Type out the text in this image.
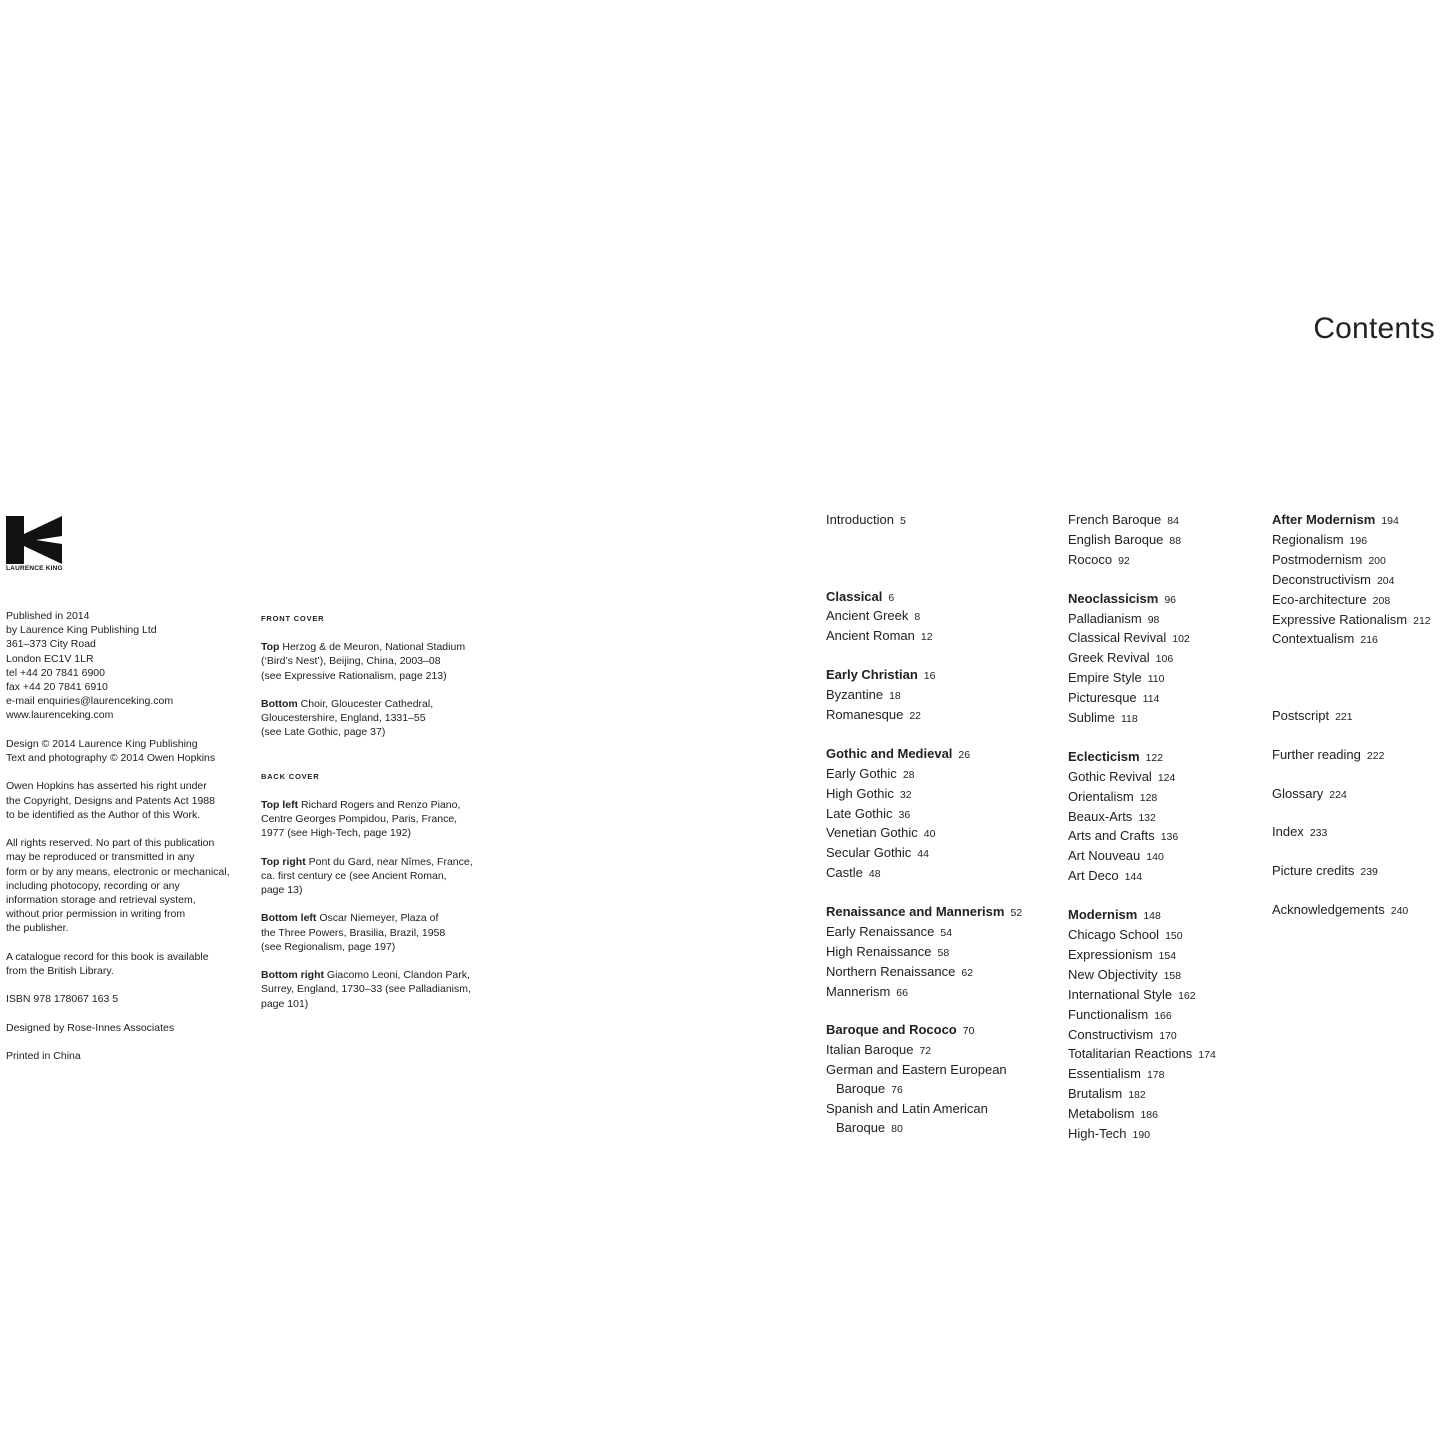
Contents
LAURENCE KING

Published in 2014
by Laurence King Publishing Ltd
361–373 City Road
London EC1V 1LR
tel +44 20 7841 6900
fax +44 20 7841 6910
e-mail enquiries@laurenceking.com
www.laurenceking.com

Design © 2014 Laurence King Publishing
Text and photography © 2014 Owen Hopkins

Owen Hopkins has asserted his right under
the Copyright, Designs and Patents Act 1988
to be identified as the Author of this Work.

All rights reserved. No part of this publication
may be reproduced or transmitted in any
form or by any means, electronic or mechanical,
including photocopy, recording or any
information storage and retrieval system,
without prior permission in writing from
the publisher.

A catalogue record for this book is available
from the British Library.

ISBN 978 178067 163 5

Designed by Rose-Innes Associates

Printed in China

FRONT COVER
Top Herzog & de Meuron, National Stadium
(‘Bird’s Nest’), Beijing, China, 2003–08
(see Expressive Rationalism, page 213)
Bottom Choir, Gloucester Cathedral,
Gloucestershire, England, 1331–55
(see Late Gothic, page 37)
BACK COVER
Top left Richard Rogers and Renzo Piano,
Centre Georges Pompidou, Paris, France,
1977 (see High-Tech, page 192)
Top right Pont du Gard, near Nîmes, France,
ca. first century ce (see Ancient Roman,
page 13)
Bottom left Oscar Niemeyer, Plaza of
the Three Powers, Brasilia, Brazil, 1958
(see Regionalism, page 197)
Bottom right Giacomo Leoni, Clandon Park,
Surrey, England, 1730–33 (see Palladianism,
page 101)
Introduction 5
Classical 6
Ancient Greek 8
Ancient Roman 12
Early Christian 16
Byzantine 18
Romanesque 22
Gothic and Medieval 26
Early Gothic 28
High Gothic 32
Late Gothic 36
Venetian Gothic 40
Secular Gothic 44
Castle 48
Renaissance and Mannerism 52
Early Renaissance 54
High Renaissance 58
Northern Renaissance 62
Mannerism 66
Baroque and Rococo 70
Italian Baroque 72
German and Eastern European
Baroque 76
Spanish and Latin American
Baroque 80
French Baroque 84
English Baroque 88
Rococo 92
Neoclassicism 96
Palladianism 98
Classical Revival 102
Greek Revival 106
Empire Style 110
Picturesque 114
Sublime 118
Eclecticism 122
Gothic Revival 124
Orientalism 128
Beaux-Arts 132
Arts and Crafts 136
Art Nouveau 140
Art Deco 144
Modernism 148
Chicago School 150
Expressionism 154
New Objectivity 158
International Style 162
Functionalism 166
Constructivism 170
Totalitarian Reactions 174
Essentialism 178
Brutalism 182
Metabolism 186
High-Tech 190
After Modernism 194
Regionalism 196
Postmodernism 200
Deconstructivism 204
Eco-architecture 208
Expressive Rationalism 212
Contextualism 216
Postscript 221
Further reading 222
Glossary 224
Index 233
Picture credits 239
Acknowledgements 240
